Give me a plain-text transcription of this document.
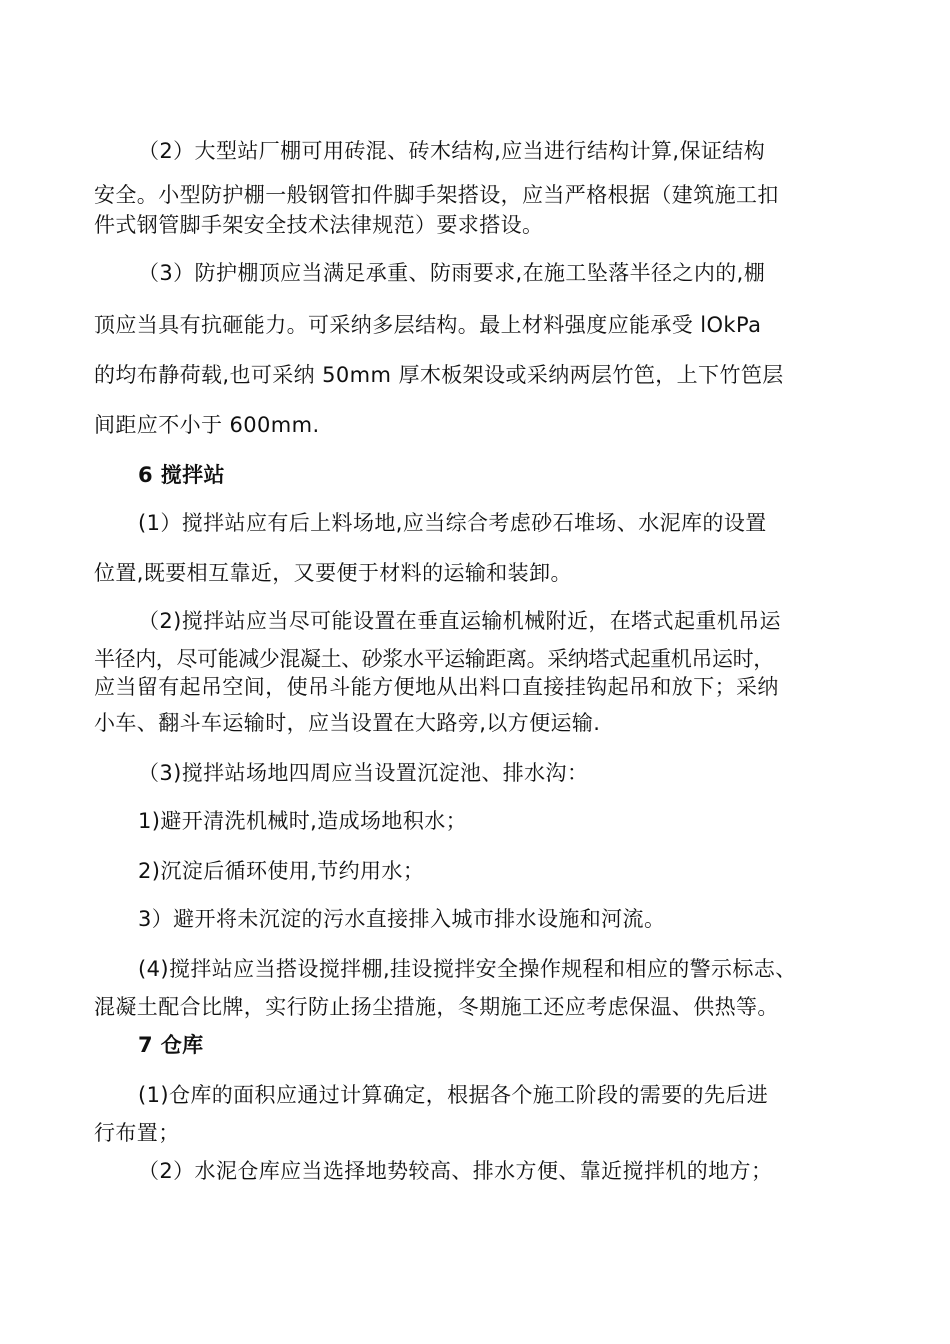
（2）大型站厂棚可用砖混、砖木结构,应当进行结构计算,保证结构
安全。小型防护棚一般钢管扣件脚手架搭设，应当严格根据（建筑施工扣
件式钢管脚手架安全技术法律规范）要求搭设。
（3）防护棚顶应当满足承重、防雨要求,在施工坠落半径之内的,棚
顶应当具有抗砸能力。可采纳多层结构。最上材料强度应能承受 lOkPa
的均布静荷载,也可采纳 50mm 厚木板架设或采纳两层竹笆，上下竹笆层
间距应不小于 600mm.
6 搅拌站
(1）搅拌站应有后上料场地,应当综合考虑砂石堆场、水泥库的设置
位置,既要相互靠近，又要便于材料的运输和装卸。
（2)搅拌站应当尽可能设置在垂直运输机械附近，在塔式起重机吊运
半径内，尽可能减少混凝土、砂浆水平运输距离。采纳塔式起重机吊运时，
应当留有起吊空间，使吊斗能方便地从出料口直接挂钩起吊和放下；采纳
小车、翻斗车运输时，应当设置在大路旁,以方便运输.
（3)搅拌站场地四周应当设置沉淀池、排水沟：
1)避开清洗机械时,造成场地积水；
2)沉淀后循环使用,节约用水；
3）避开将未沉淀的污水直接排入城市排水设施和河流。
(4)搅拌站应当搭设搅拌棚,挂设搅拌安全操作规程和相应的警示标志、
混凝土配合比牌，实行防止扬尘措施，冬期施工还应考虑保温、供热等。
7 仓库
(1)仓库的面积应通过计算确定，根据各个施工阶段的需要的先后进
行布置；
（2）水泥仓库应当选择地势较高、排水方便、靠近搅拌机的地方；
